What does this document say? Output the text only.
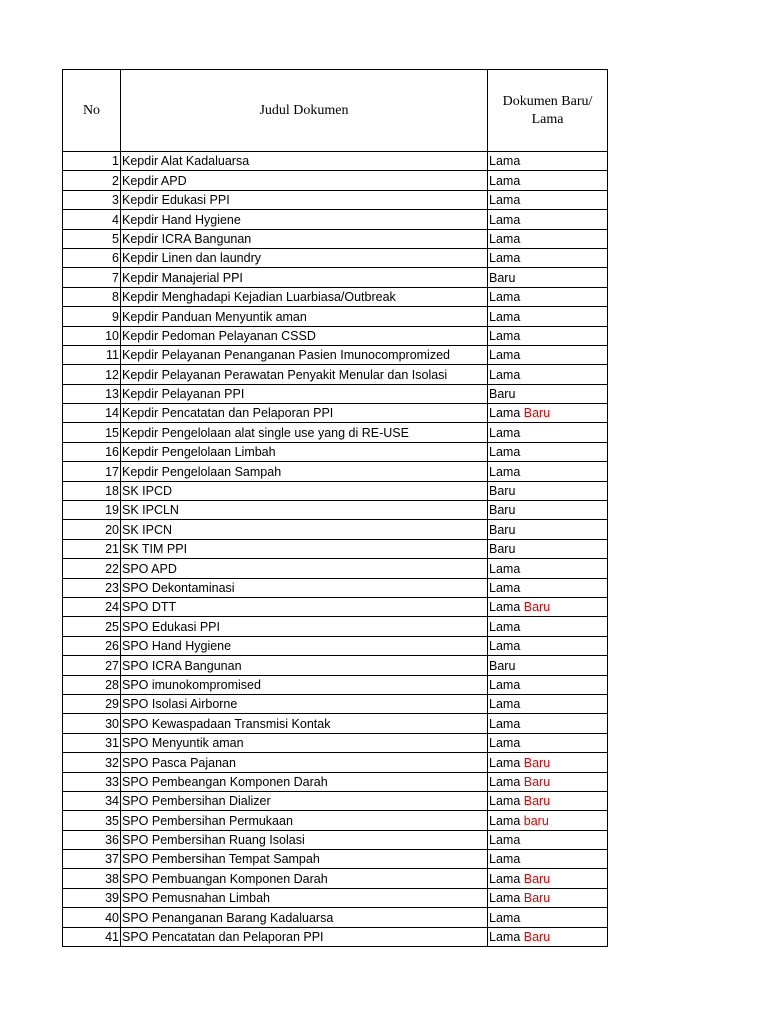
No	Judul Dokumen	Dokumen Baru/ Lama
1	Kepdir Alat Kadaluarsa	Lama
2	Kepdir APD	Lama
3	Kepdir Edukasi PPI	Lama
4	Kepdir Hand Hygiene	Lama
5	Kepdir ICRA Bangunan	Lama
6	Kepdir Linen dan laundry	Lama
7	Kepdir Manajerial PPI	Baru
8	Kepdir Menghadapi Kejadian Luarbiasa/Outbreak	Lama
9	Kepdir Panduan Menyuntik aman	Lama
10	Kepdir Pedoman Pelayanan CSSD	Lama
11	Kepdir Pelayanan Penanganan Pasien Imunocompromized	Lama
12	Kepdir Pelayanan Perawatan Penyakit Menular dan Isolasi	Lama
13	Kepdir Pelayanan PPI	Baru
14	Kepdir Pencatatan dan Pelaporan PPI	Lama Baru
15	Kepdir Pengelolaan alat single use yang di RE-USE	Lama
16	Kepdir Pengelolaan Limbah	Lama
17	Kepdir Pengelolaan Sampah	Lama
18	SK IPCD	Baru
19	SK IPCLN	Baru
20	SK IPCN	Baru
21	SK TIM PPI	Baru
22	SPO APD	Lama
23	SPO Dekontaminasi	Lama
24	SPO DTT	Lama Baru
25	SPO Edukasi PPI	Lama
26	SPO Hand Hygiene	Lama
27	SPO ICRA Bangunan	Baru
28	SPO imunokompromised	Lama
29	SPO Isolasi Airborne	Lama
30	SPO Kewaspadaan Transmisi Kontak	Lama
31	SPO Menyuntik aman	Lama
32	SPO Pasca Pajanan	Lama Baru
33	SPO Pembeangan Komponen Darah	Lama Baru
34	SPO Pembersihan Dializer	Lama Baru
35	SPO Pembersihan Permukaan	Lama baru
36	SPO Pembersihan Ruang Isolasi	Lama
37	SPO Pembersihan Tempat Sampah	Lama
38	SPO Pembuangan Komponen Darah	Lama Baru
39	SPO Pemusnahan Limbah	Lama Baru
40	SPO Penanganan Barang Kadaluarsa	Lama
41	SPO Pencatatan dan Pelaporan PPI	Lama Baru
